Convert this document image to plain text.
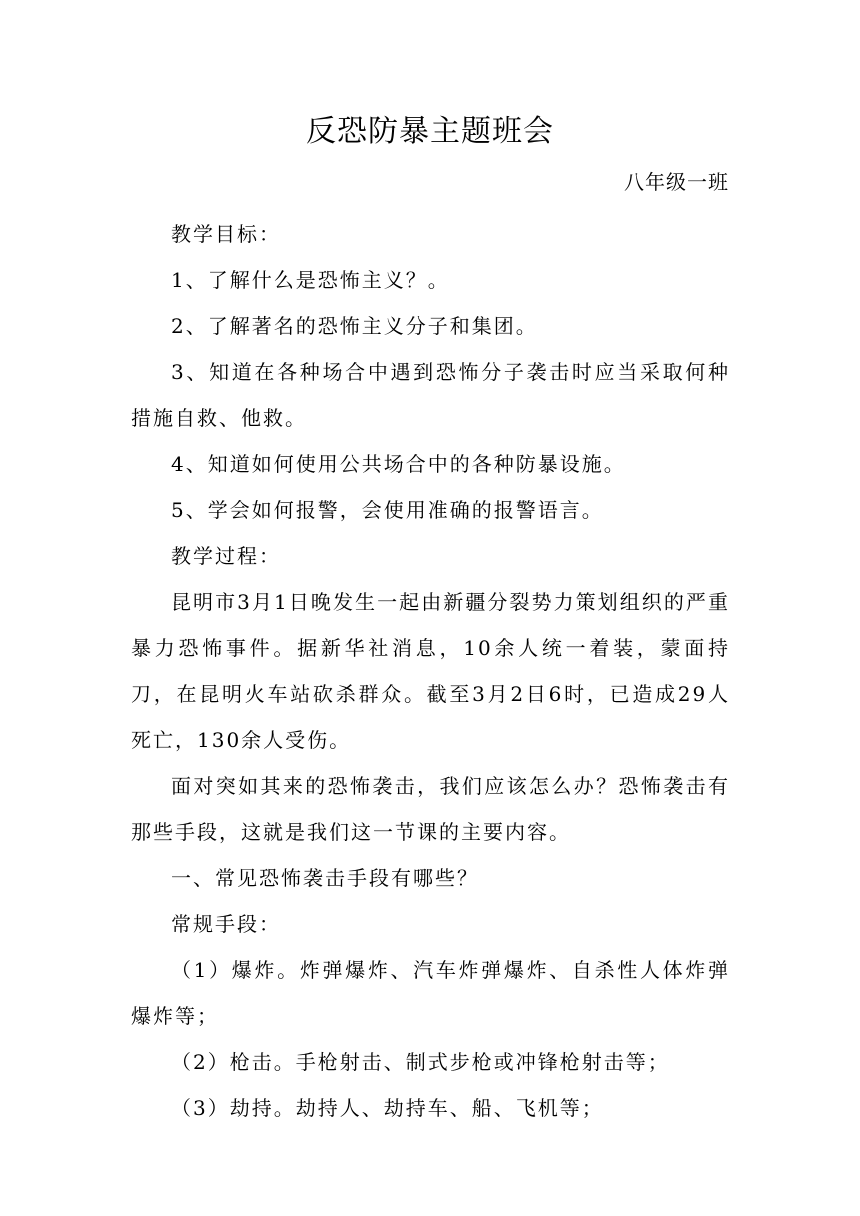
反恐防暴主题班会
八年级一班

教学目标：

1、了解什么是恐怖主义？。

2、了解著名的恐怖主义分子和集团。

3、知道在各种场合中遇到恐怖分子袭击时应当采取何种措施自救、他救。

4、知道如何使用公共场合中的各种防暴设施。

5、学会如何报警，会使用准确的报警语言。

教学过程：

昆明市3月1日晚发生一起由新疆分裂势力策划组织的严重暴力恐怖事件。据新华社消息，10余人统一着装，蒙面持刀，在昆明火车站砍杀群众。截至3月2日6时，已造成29人死亡，130余人受伤。

面对突如其来的恐怖袭击，我们应该怎么办？恐怖袭击有那些手段，这就是我们这一节课的主要内容。

一、常见恐怖袭击手段有哪些？

常规手段：

（1）爆炸。炸弹爆炸、汽车炸弹爆炸、自杀性人体炸弹爆炸等；

（2）枪击。手枪射击、制式步枪或冲锋枪射击等；

（3）劫持。劫持人、劫持车、船、飞机等；
